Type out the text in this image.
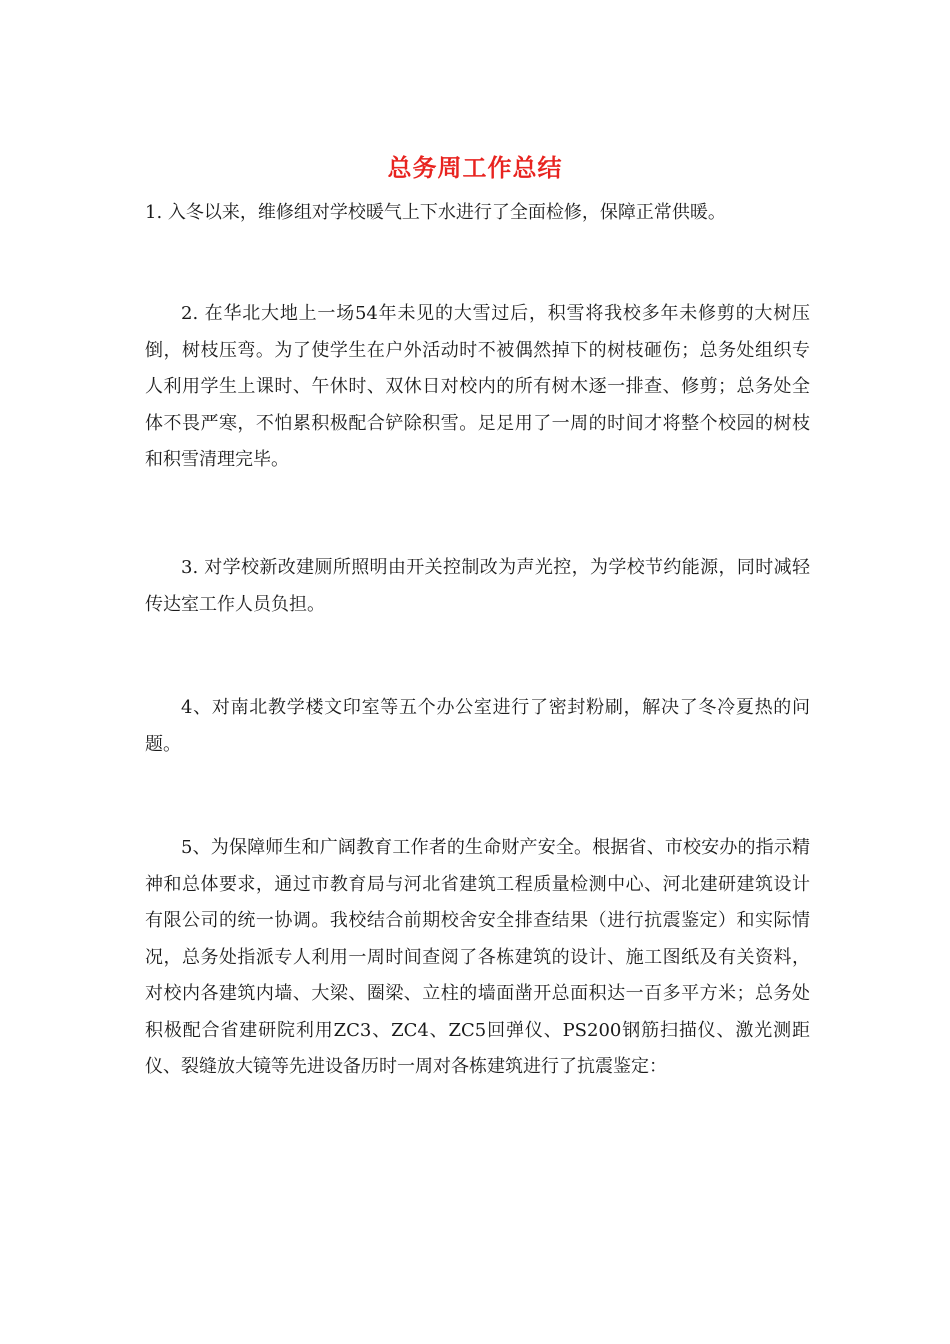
总务周工作总结

1. 入冬以来，维修组对学校暖气上下水进行了全面检修，保障正常供暖。

2. 在华北大地上一场54年未见的大雪过后，积雪将我校多年未修剪的大树压倒，树枝压弯。为了使学生在户外活动时不被偶然掉下的树枝砸伤；总务处组织专人利用学生上课时、午休时、双休日对校内的所有树木逐一排查、修剪；总务处全体不畏严寒，不怕累积极配合铲除积雪。足足用了一周的时间才将整个校园的树枝和积雪清理完毕。

3. 对学校新改建厕所照明由开关控制改为声光控，为学校节约能源，同时减轻传达室工作人员负担。

4、对南北教学楼文印室等五个办公室进行了密封粉刷，解决了冬冷夏热的问题。

5、为保障师生和广阔教育工作者的生命财产安全。根据省、市校安办的指示精神和总体要求，通过市教育局与河北省建筑工程质量检测中心、河北建研建筑设计有限公司的统一协调。我校结合前期校舍安全排查结果（进行抗震鉴定）和实际情况，总务处指派专人利用一周时间查阅了各栋建筑的设计、施工图纸及有关资料，对校内各建筑内墙、大梁、圈梁、立柱的墙面凿开总面积达一百多平方米；总务处积极配合省建研院利用ZC3、ZC4、ZC5回弹仪、PS200钢筋扫描仪、激光测距仪、裂缝放大镜等先进设备历时一周对各栋建筑进行了抗震鉴定：
